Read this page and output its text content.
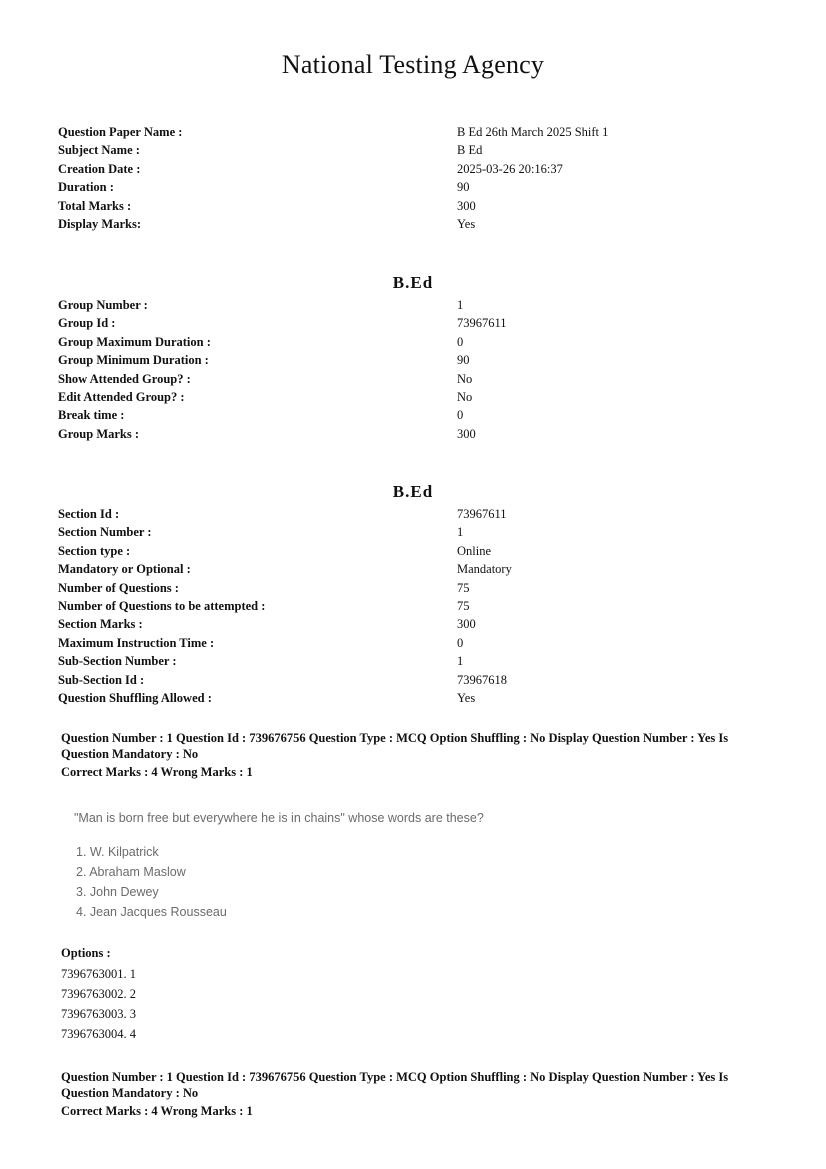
National Testing Agency
Question Paper Name :	B Ed 26th March 2025 Shift 1
Subject Name :	B Ed
Creation Date :	2025-03-26 20:16:37
Duration :	90
Total Marks :	300
Display Marks:	Yes
B.Ed
Group Number :	1
Group Id :	73967611
Group Maximum Duration :	0
Group Minimum Duration :	90
Show Attended Group? :	No
Edit Attended Group? :	No
Break time :	0
Group Marks :	300
B.Ed
Section Id :	73967611
Section Number :	1
Section type :	Online
Mandatory or Optional :	Mandatory
Number of Questions :	75
Number of Questions to be attempted :	75
Section Marks :	300
Maximum Instruction Time :	0
Sub-Section Number :	1
Sub-Section Id :	73967618
Question Shuffling Allowed :	Yes
Question Number : 1 Question Id : 739676756 Question Type : MCQ Option Shuffling : No Display Question Number : Yes Is
Question Mandatory : No
Correct Marks : 4 Wrong Marks : 1
"Man is born free but everywhere he is in chains" whose words are these?
1. W. Kilpatrick
2. Abraham Maslow
3. John Dewey
4. Jean Jacques Rousseau
Options :
7396763001. 1
7396763002. 2
7396763003. 3
7396763004. 4
Question Number : 1 Question Id : 739676756 Question Type : MCQ Option Shuffling : No Display Question Number : Yes Is
Question Mandatory : No
Correct Marks : 4 Wrong Marks : 1
